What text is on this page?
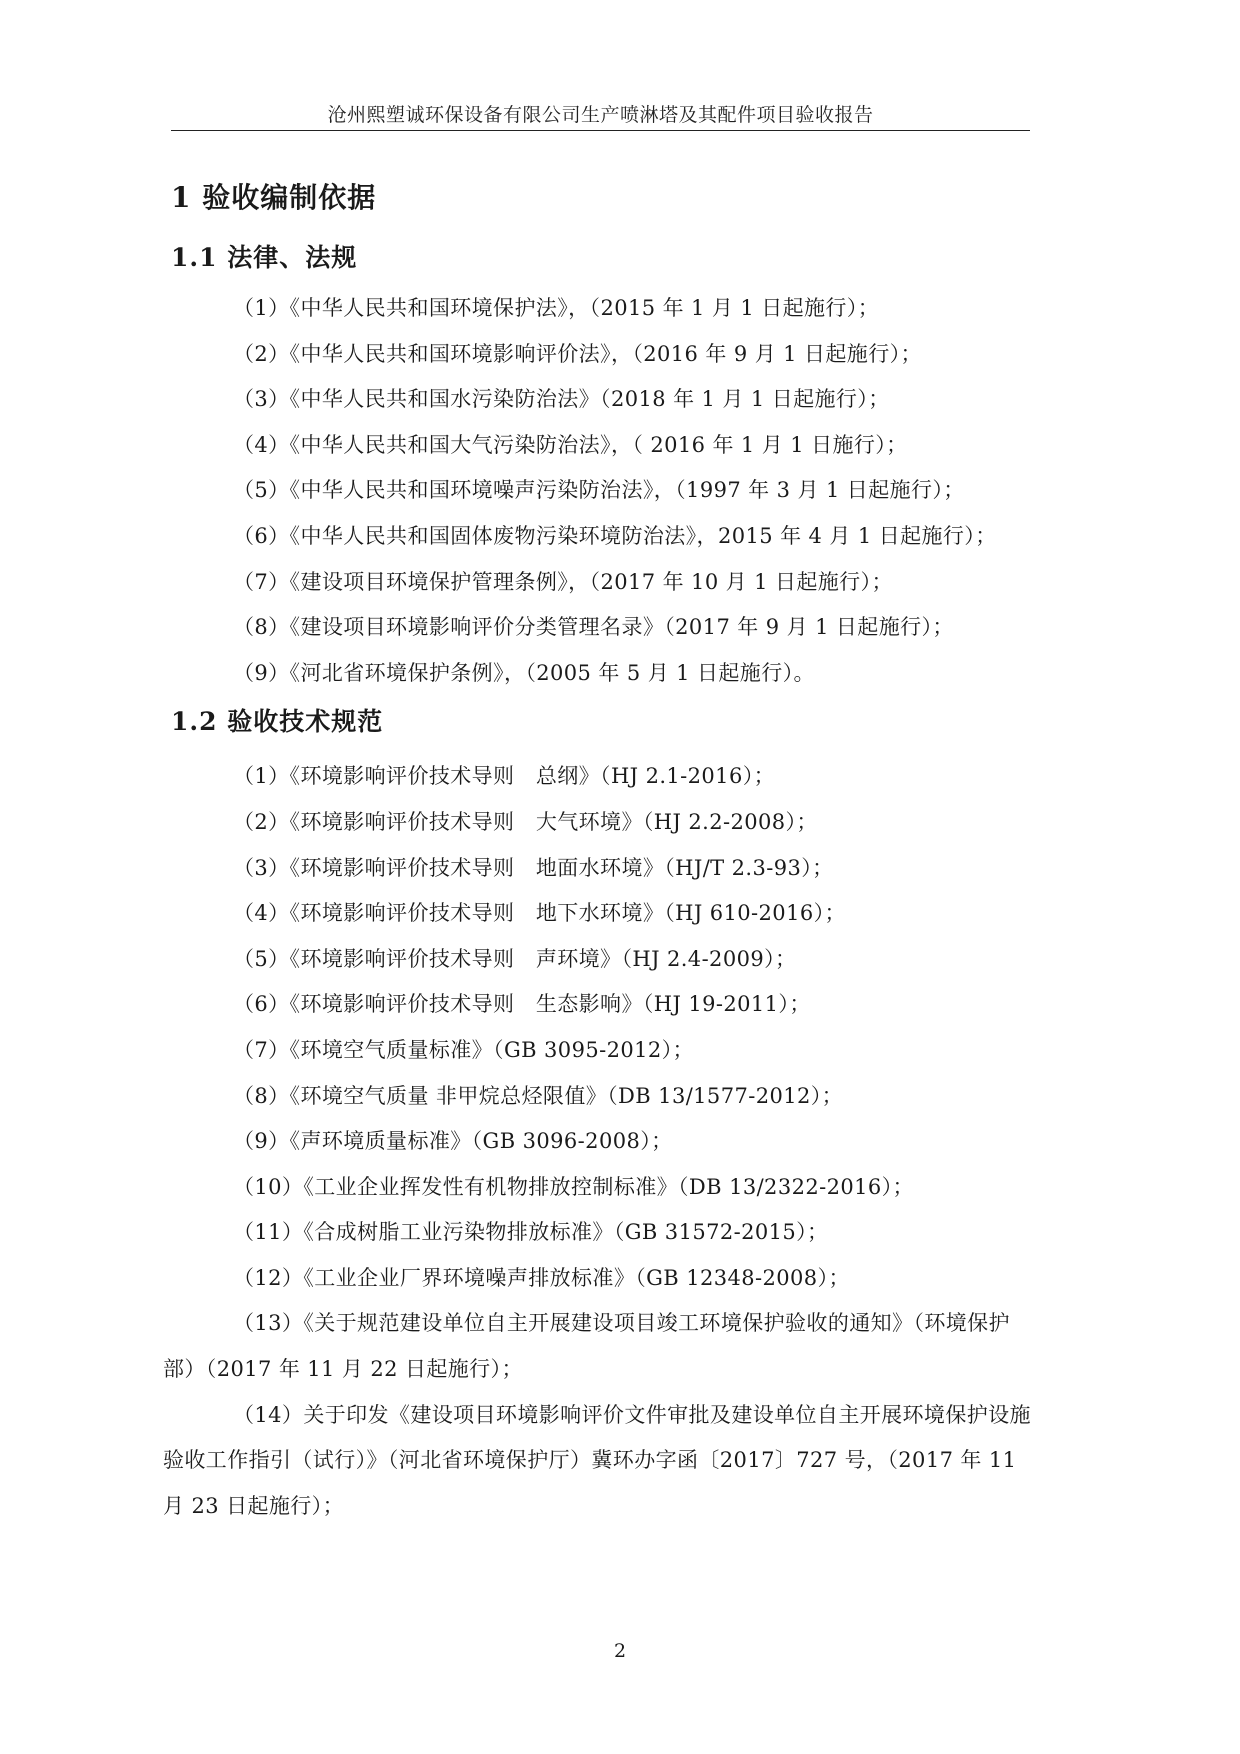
沧州熙塑诚环保设备有限公司生产喷淋塔及其配件项目验收报告
1 验收编制依据
1.1 法律、法规
（1）《中华人民共和国环境保护法》，（2015 年 1 月 1 日起施行）；
（2）《中华人民共和国环境影响评价法》，（2016 年 9 月 1 日起施行）；
（3）《中华人民共和国水污染防治法》（2018 年 1 月 1 日起施行）；
（4）《中华人民共和国大气污染防治法》，（ 2016 年 1 月 1 日施行）；
（5）《中华人民共和国环境噪声污染防治法》，（1997 年 3 月 1 日起施行）；
（6）《中华人民共和国固体废物污染环境防治法》，2015 年 4 月 1 日起施行）；
（7）《建设项目环境保护管理条例》，（2017 年 10 月 1 日起施行）；
（8）《建设项目环境影响评价分类管理名录》（2017 年 9 月 1 日起施行）；
（9）《河北省环境保护条例》，（2005 年 5 月 1 日起施行）。
1.2 验收技术规范
（1）《环境影响评价技术导则　总纲》（HJ 2.1-2016）；
（2）《环境影响评价技术导则　大气环境》（HJ 2.2-2008）；
（3）《环境影响评价技术导则　地面水环境》（HJ/T 2.3-93）；
（4）《环境影响评价技术导则　地下水环境》（HJ 610-2016）；
（5）《环境影响评价技术导则　声环境》（HJ 2.4-2009）；
（6）《环境影响评价技术导则　生态影响》（HJ 19-2011）；
（7）《环境空气质量标准》（GB 3095-2012）；
（8）《环境空气质量 非甲烷总烃限值》（DB 13/1577-2012）；
（9）《声环境质量标准》（GB 3096-2008）；
（10）《工业企业挥发性有机物排放控制标准》（DB 13/2322-2016）；
（11）《合成树脂工业污染物排放标准》（GB 31572-2015）；
（12）《工业企业厂界环境噪声排放标准》（GB 12348-2008）；
（13）《关于规范建设单位自主开展建设项目竣工环境保护验收的通知》（环境保护部）（2017 年 11 月 22 日起施行）；
（14）关于印发《建设项目环境影响评价文件审批及建设单位自主开展环境保护设施验收工作指引（试行）》（河北省环境保护厅）冀环办字函〔2017〕727 号，（2017 年 11 月 23 日起施行）；
2
